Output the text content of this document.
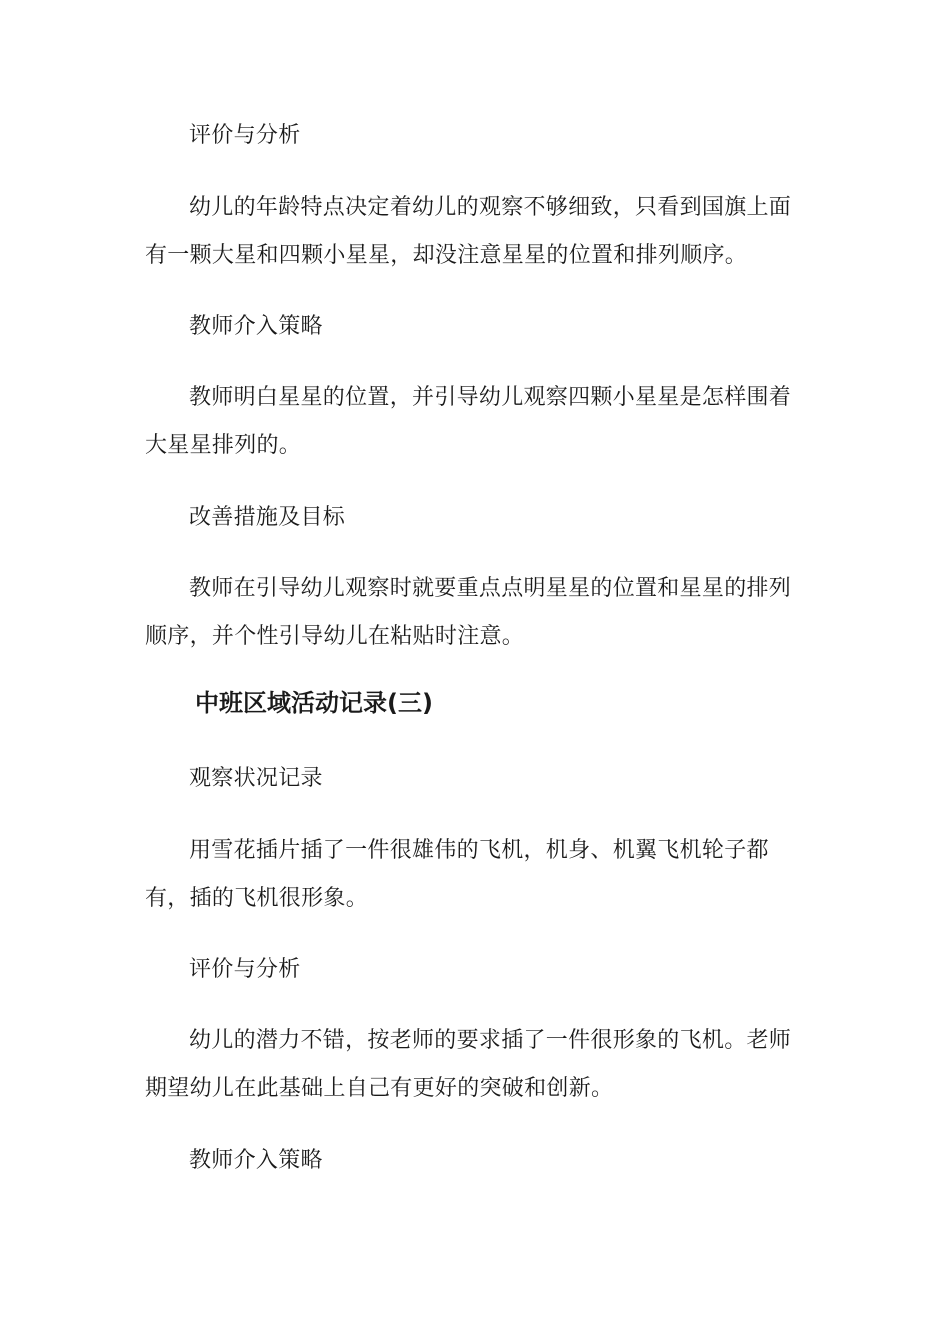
评价与分析

幼儿的年龄特点决定着幼儿的观察不够细致，只看到国旗上面有一颗大星和四颗小星星，却没注意星星的位置和排列顺序。

教师介入策略

教师明白星星的位置，并引导幼儿观察四颗小星星是怎样围着大星星排列的。

改善措施及目标

教师在引导幼儿观察时就要重点点明星星的位置和星星的排列顺序，并个性引导幼儿在粘贴时注意。

中班区域活动记录(三)

观察状况记录

用雪花插片插了一件很雄伟的飞机，机身、机翼飞机轮子都有，插的飞机很形象。

评价与分析

幼儿的潜力不错，按老师的要求插了一件很形象的飞机。老师期望幼儿在此基础上自己有更好的突破和创新。

教师介入策略
